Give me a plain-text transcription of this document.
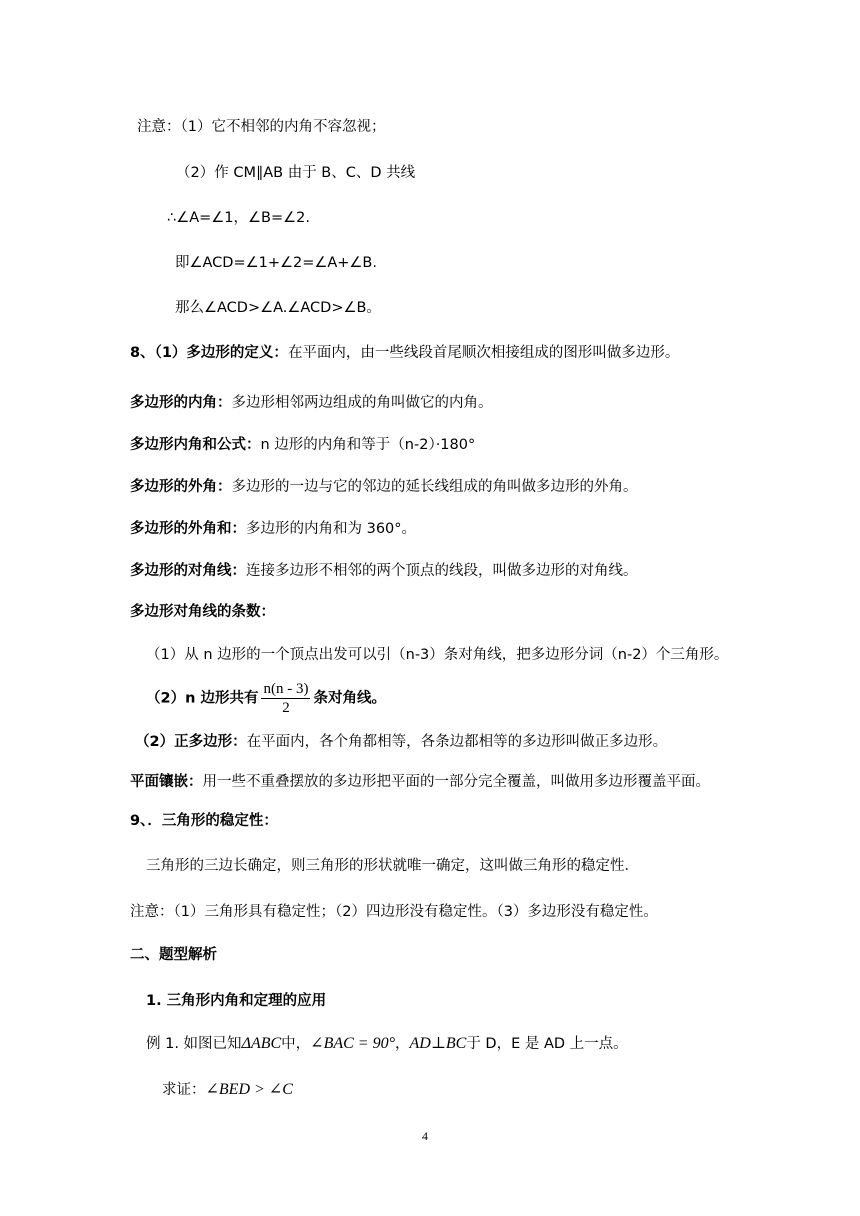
注意：（1）它不相邻的内角不容忽视；
（2）作 CM∥AB 由于 B、C、D 共线
∴∠A=∠1，∠B=∠2.
即∠ACD=∠1+∠2=∠A+∠B.
那么∠ACD>∠A.∠ACD>∠B。
8、（1）多边形的定义：在平面内，由一些线段首尾顺次相接组成的图形叫做多边形。
多边形的内角：多边形相邻两边组成的角叫做它的内角。
多边形内角和公式：n 边形的内角和等于（n-2）·180°
多边形的外角：多边形的一边与它的邻边的延长线组成的角叫做多边形的外角。
多边形的外角和：多边形的内角和为 360°。
多边形的对角线：连接多边形不相邻的两个顶点的线段，叫做多边形的对角线。
多边形对角线的条数：
（1）从 n 边形的一个顶点出发可以引（n-3）条对角线，把多边形分词（n-2）个三角形。
（2）n 边形共有 $\frac{n(n - 3)}{2}$ 条对角线。
（2）正多边形：在平面内，各个角都相等，各条边都相等的多边形叫做正多边形。
平面镶嵌：用一些不重叠摆放的多边形把平面的一部分完全覆盖，叫做用多边形覆盖平面。
9、．三角形的稳定性：
三角形的三边长确定，则三角形的形状就唯一确定，这叫做三角形的稳定性．
注意：（1）三角形具有稳定性；（2）四边形没有稳定性。（3）多边形没有稳定性。
二、题型解析
1. 三角形内角和定理的应用
例 1. 如图已知ΔABC中，∠BAC = 90°，AD⊥BC于 D，E 是 AD 上一点。
求证：∠BED > ∠C
4
